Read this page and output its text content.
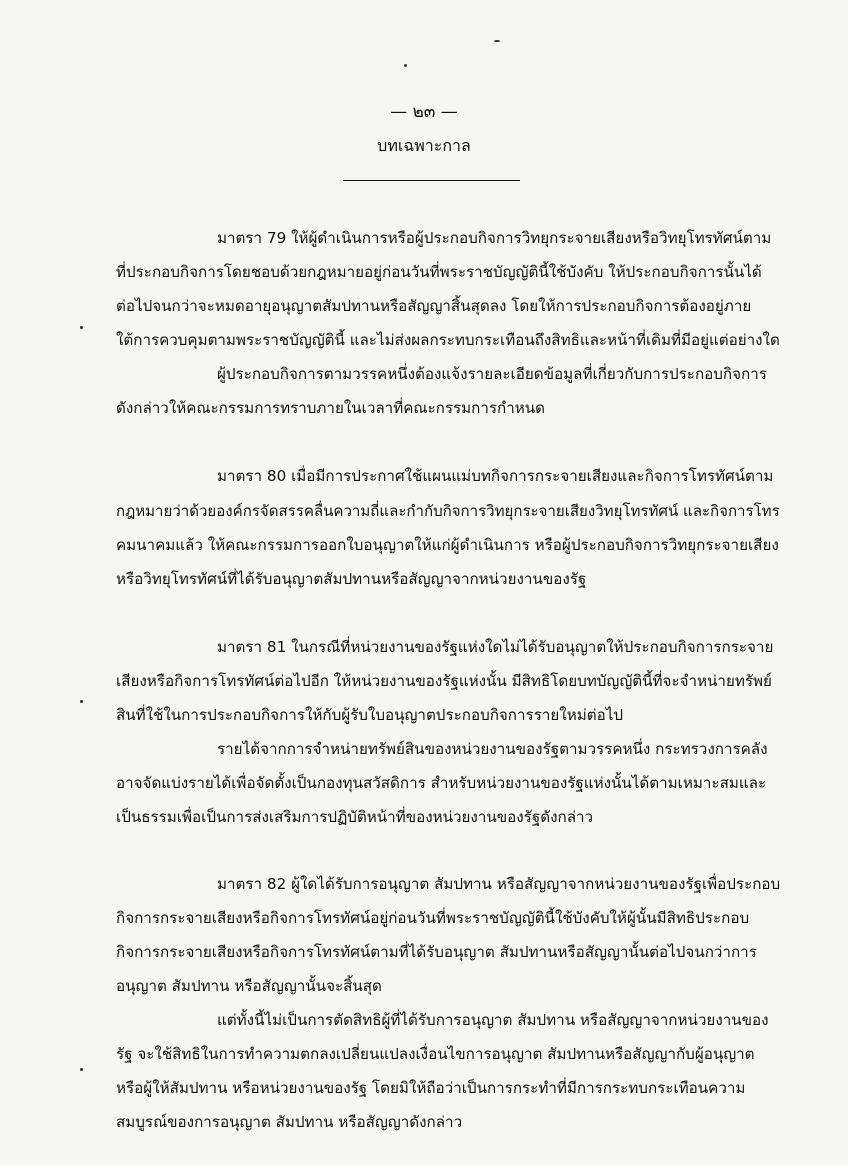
— ๒๓ —
บทเฉพาะกาล
มาตรา 79 ให้ผู้ดำเนินการหรือผู้ประกอบกิจการวิทยุกระจายเสียงหรือวิทยุโทรทัศน์ตาม
ที่ประกอบกิจการโดยชอบด้วยกฎหมายอยู่ก่อนวันที่พระราชบัญญัตินี้ใช้บังคับ ให้ประกอบกิจการนั้นได้
ต่อไปจนกว่าจะหมดอายุอนุญาตสัมปทานหรือสัญญาสิ้นสุดลง โดยให้การประกอบกิจการต้องอยู่ภาย
ใต้การควบคุมตามพระราชบัญญัตินี้ และไม่ส่งผลกระทบกระเทือนถึงสิทธิและหน้าที่เดิมที่มีอยู่แต่อย่างใด
ผู้ประกอบกิจการตามวรรคหนึ่งต้องแจ้งรายละเอียดข้อมูลที่เกี่ยวกับการประกอบกิจการ
ดังกล่าวให้คณะกรรมการทราบภายในเวลาที่คณะกรรมการกำหนด
มาตรา 80 เมื่อมีการประกาศใช้แผนแม่บทกิจการกระจายเสียงและกิจการโทรทัศน์ตาม
กฎหมายว่าด้วยองค์กรจัดสรรคลื่นความถี่และกำกับกิจการวิทยุกระจายเสียงวิทยุโทรทัศน์ และกิจการโทร
คมนาคมแล้ว ให้คณะกรรมการออกใบอนุญาตให้แก่ผู้ดำเนินการ หรือผู้ประกอบกิจการวิทยุกระจายเสียง
หรือวิทยุโทรทัศน์ที่ได้รับอนุญาตสัมปทานหรือสัญญาจากหน่วยงานของรัฐ
มาตรา 81 ในกรณีที่หน่วยงานของรัฐแห่งใดไม่ได้รับอนุญาตให้ประกอบกิจการกระจาย
เสียงหรือกิจการโทรทัศน์ต่อไปอีก ให้หน่วยงานของรัฐแห่งนั้น มีสิทธิโดยบทบัญญัตินี้ที่จะจำหน่ายทรัพย์
สินที่ใช้ในการประกอบกิจการให้กับผู้รับใบอนุญาตประกอบกิจการรายใหม่ต่อไป
รายได้จากการจำหน่ายทรัพย์สินของหน่วยงานของรัฐตามวรรคหนึ่ง กระทรวงการคลัง
อาจจัดแบ่งรายได้เพื่อจัดตั้งเป็นกองทุนสวัสดิการ สำหรับหน่วยงานของรัฐแห่งนั้นได้ตามเหมาะสมและ
เป็นธรรมเพื่อเป็นการส่งเสริมการปฏิบัติหน้าที่ของหน่วยงานของรัฐดังกล่าว
มาตรา 82 ผู้ใดได้รับการอนุญาต สัมปทาน หรือสัญญาจากหน่วยงานของรัฐเพื่อประกอบ
กิจการกระจายเสียงหรือกิจการโทรทัศน์อยู่ก่อนวันที่พระราชบัญญัตินี้ใช้บังคับให้ผู้นั้นมีสิทธิประกอบ
กิจการกระจายเสียงหรือกิจการโทรทัศน์ตามที่ได้รับอนุญาต สัมปทานหรือสัญญานั้นต่อไปจนกว่าการ
อนุญาต สัมปทาน หรือสัญญานั้นจะสิ้นสุด
แต่ทั้งนี้ไม่เป็นการตัดสิทธิผู้ที่ได้รับการอนุญาต สัมปทาน หรือสัญญาจากหน่วยงานของ
รัฐ จะใช้สิทธิในการทำความตกลงเปลี่ยนแปลงเงื่อนไขการอนุญาต สัมปทานหรือสัญญากับผู้อนุญาต
หรือผู้ให้สัมปทาน หรือหน่วยงานของรัฐ โดยมิให้ถือว่าเป็นการกระทำที่มีการกระทบกระเทือนความ
สมบูรณ์ของการอนุญาต สัมปทาน หรือสัญญาดังกล่าว
